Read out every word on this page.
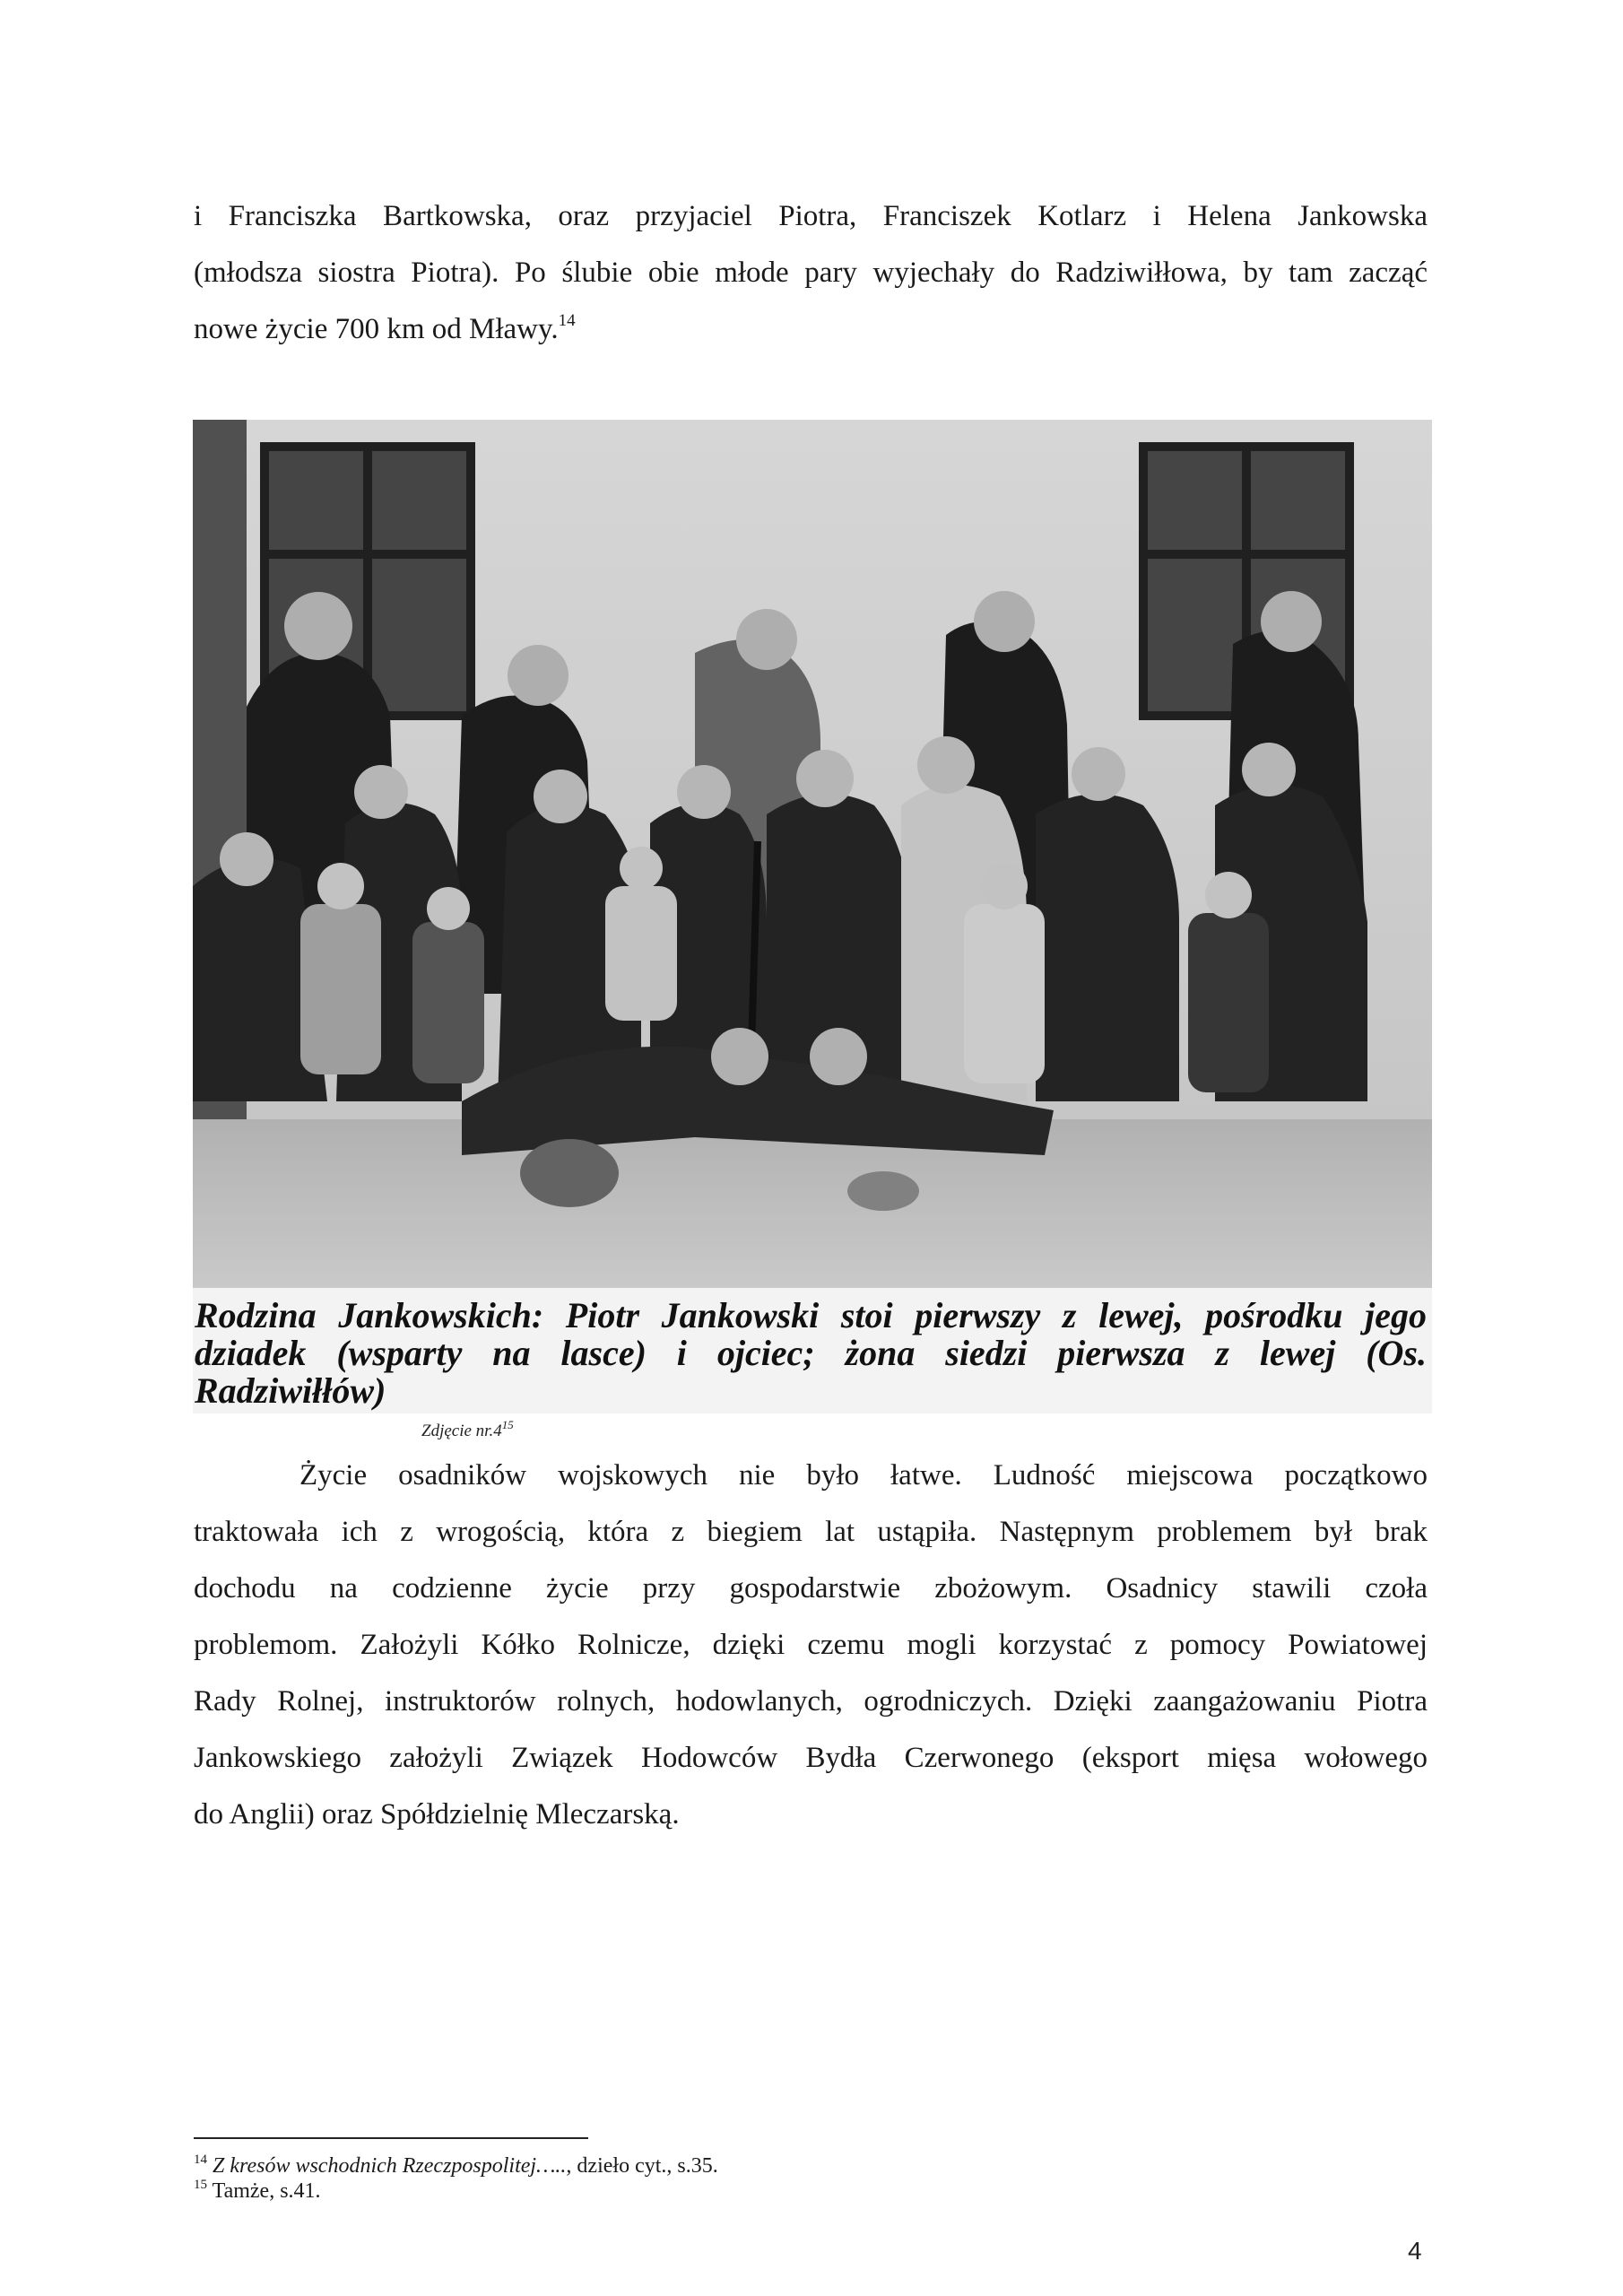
i Franciszka Bartkowska, oraz przyjaciel Piotra, Franciszek Kotlarz i Helena Jankowska
(młodsza siostra Piotra). Po ślubie obie młode pary wyjechały do Radziwiłłowa, by tam zacząć
nowe życie 700 km od Mławy.$^{14}$
Rodzina Jankowskich: Piotr Jankowski stoi pierwszy z lewej, pośrodku jego dziadek (wsparty na lasce) i ojciec; żona siedzi pierwsza z lewej (Os. Radziwiłłów)
Zdjęcie $nr.4^{15}$
Życie osadników wojskowych nie było łatwe. Ludność miejscowa początkowo
traktowała ich z wrogością, która z biegiem lat ustąpiła. Następnym problemem był brak
dochodu na codzienne życie przy gospodarstwie zbożowym. Osadnicy stawili czoła
problemom. Założyli Kółko Rolnicze, dzięki czemu mogli korzystać z pomocy Powiatowej
Rady Rolnej, instruktorów rolnych, hodowlanych, ogrodniczych. Dzięki zaangażowaniu Piotra
Jankowskiego założyli Związek Hodowców Bydła Czerwonego (eksport mięsa wołowego
do Anglii) oraz Spółdzielnię Mleczarską.
$^{14}$ Z kresów wschodnich Rzeczpospolitej….., dzieło cyt., s.35.
$^{15}$ Tamże, s.41.
4
